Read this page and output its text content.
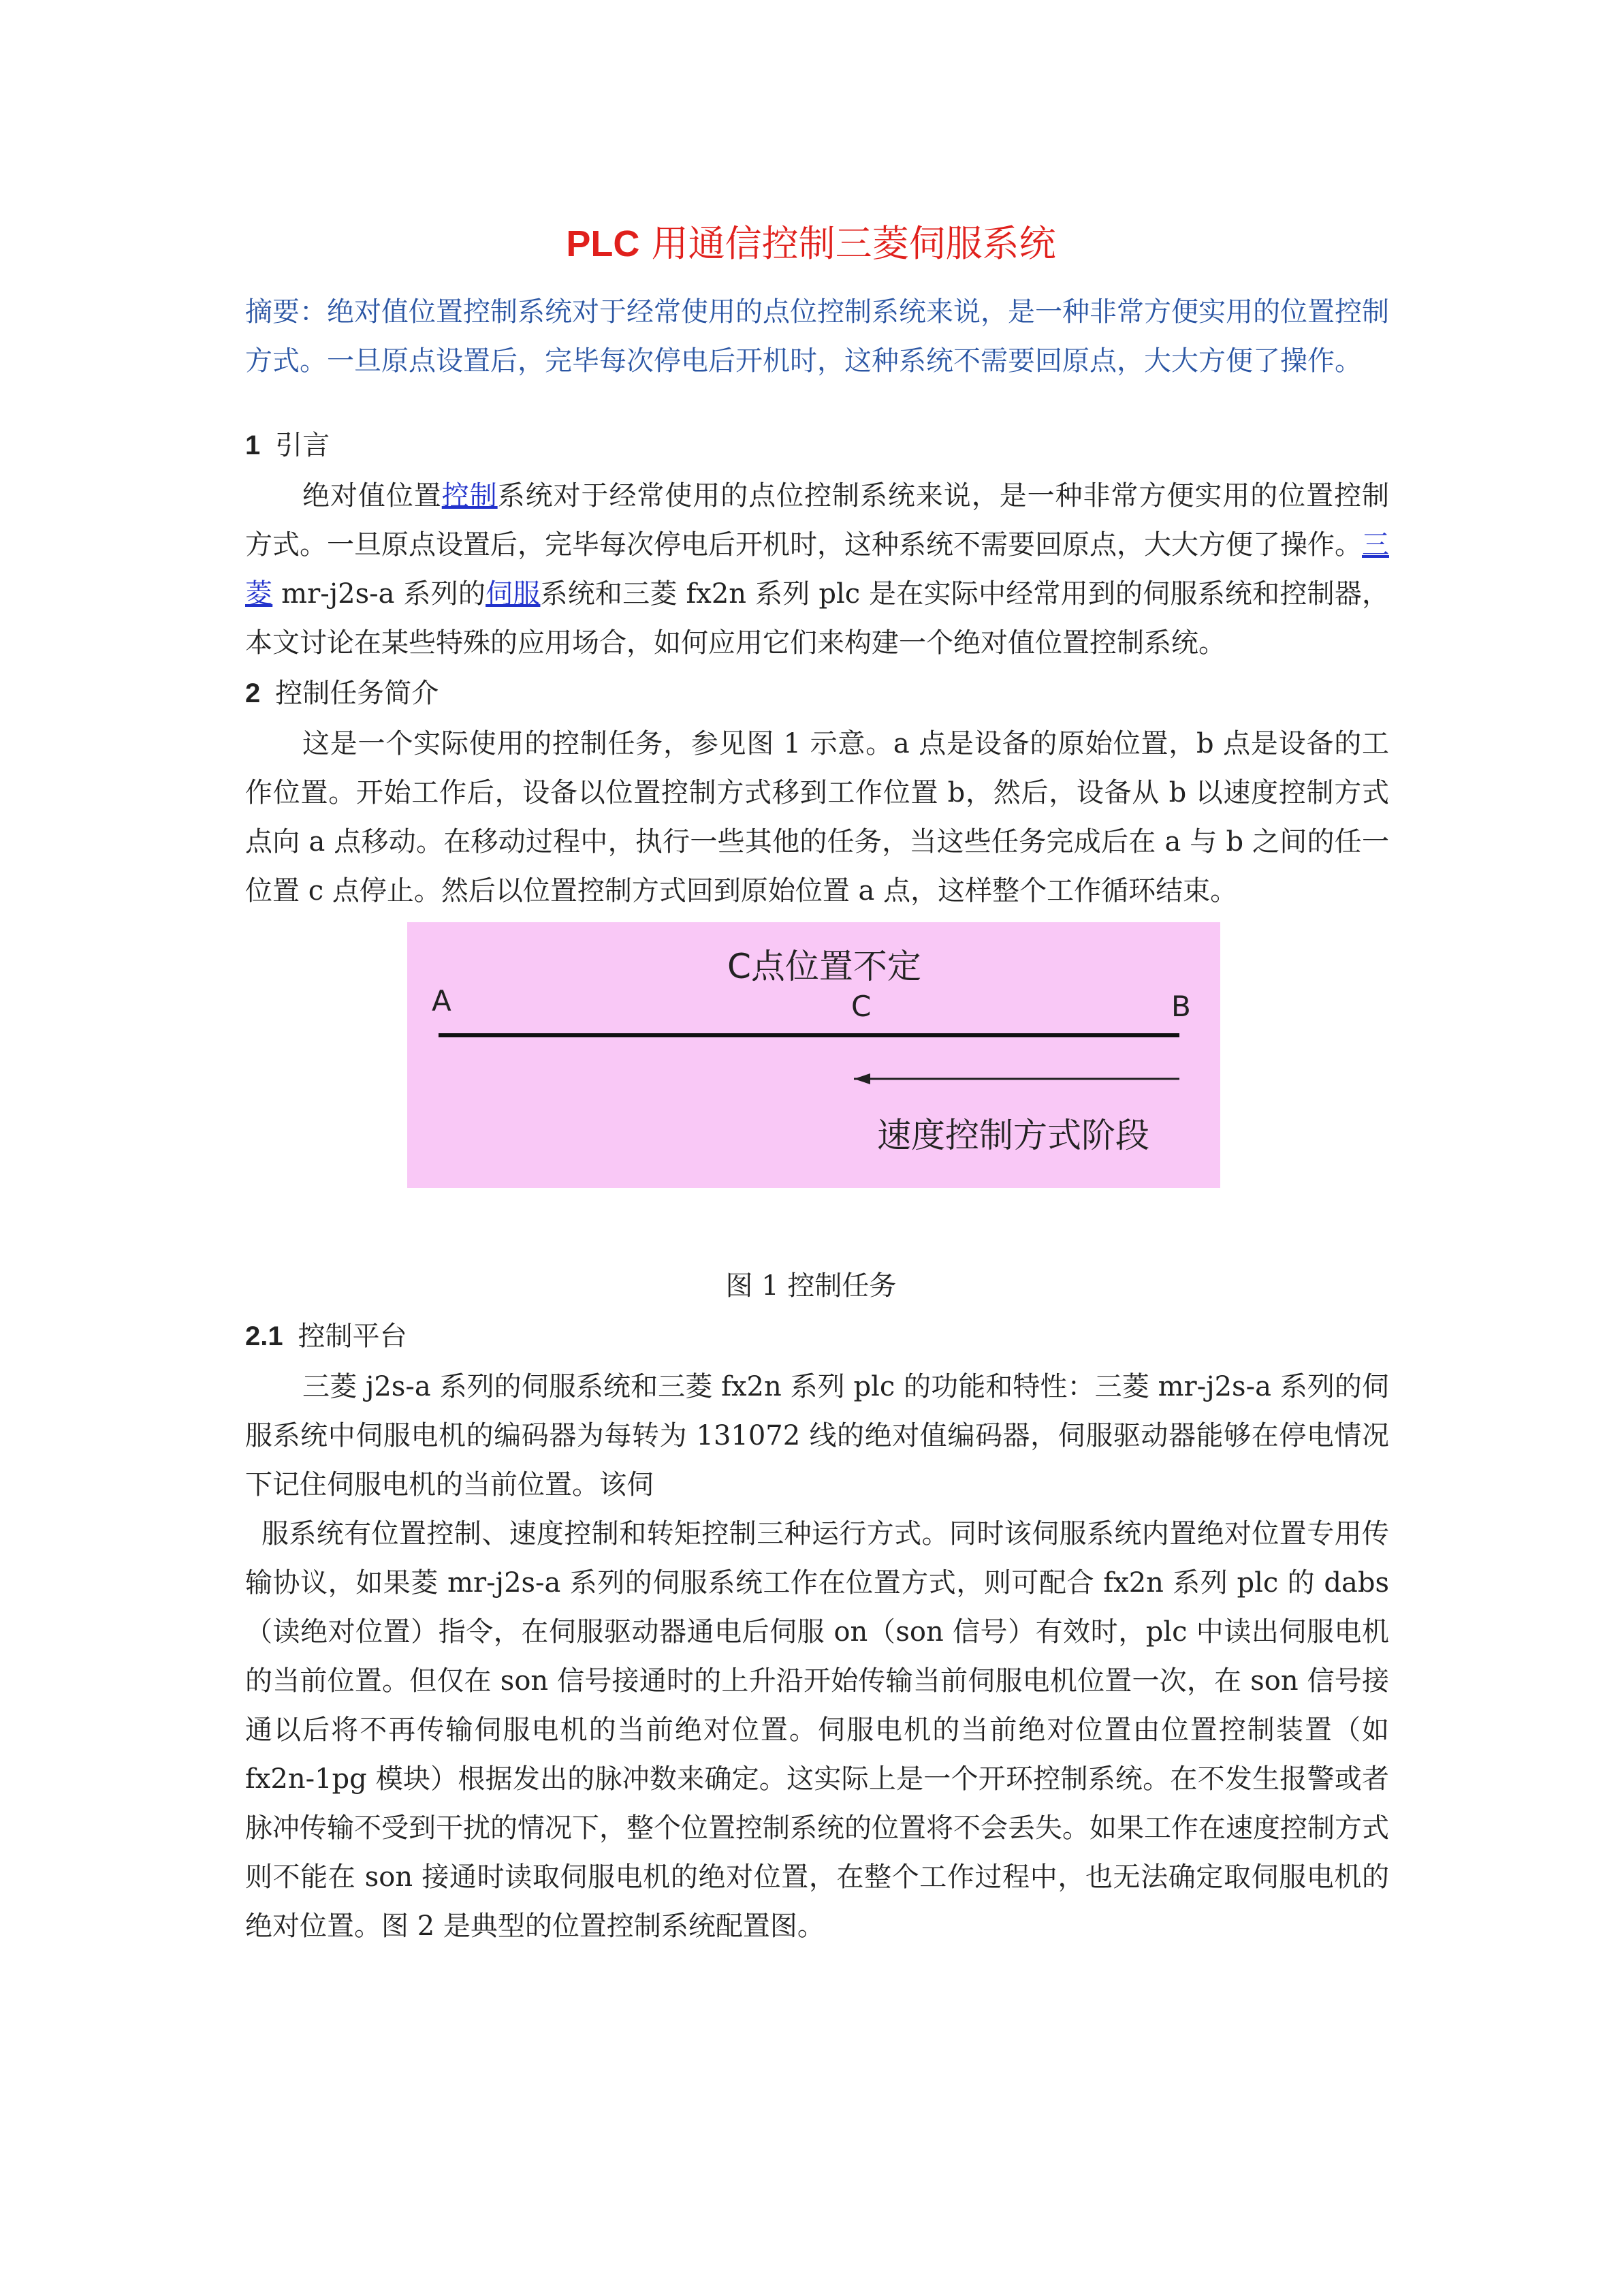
PLC 用通信控制三菱伺服系统
摘要：绝对值位置控制系统对于经常使用的点位控制系统来说，是一种非常方便实用的位置控制方式。一旦原点设置后，完毕每次停电后开机时，这种系统不需要回原点，大大方便了操作。
1 引言
绝对值位置控制系统对于经常使用的点位控制系统来说，是一种非常方便实用的位置控制方式。一旦原点设置后，完毕每次停电后开机时，这种系统不需要回原点，大大方便了操作。三菱 mr-j2s-a 系列的伺服系统和三菱 fx2n 系列 plc 是在实际中经常用到的伺服系统和控制器，本文讨论在某些特殊的应用场合，如何应用它们来构建一个绝对值位置控制系统。
2 控制任务简介
这是一个实际使用的控制任务，参见图 1 示意。a 点是设备的原始位置，b 点是设备的工作位置。开始工作后，设备以位置控制方式移到工作位置 b，然后，设备从 b 以速度控制方式点向 a 点移动。在移动过程中，执行一些其他的任务，当这些任务完成后在 a 与 b 之间的任一位置 c 点停止。然后以位置控制方式回到原始位置 a 点，这样整个工作循环结束。
C点位置不定
A	C	B
速度控制方式阶段
图 1 控制任务
2.1 控制平台
三菱 j2s-a 系列的伺服系统和三菱 fx2n 系列 plc 的功能和特性：三菱 mr-j2s-a 系列的伺服系统中伺服电机的编码器为每转为 131072 线的绝对值编码器，伺服驱动器能够在停电情况下记住伺服电机的当前位置。该伺
服系统有位置控制、速度控制和转矩控制三种运行方式。同时该伺服系统内置绝对位置专用传输协议，如果菱 mr-j2s-a 系列的伺服系统工作在位置方式，则可配合 fx2n 系列 plc 的 dabs（读绝对位置）指令，在伺服驱动器通电后伺服 on（son 信号）有效时，plc 中读出伺服电机的当前位置。但仅在 son 信号接通时的上升沿开始传输当前伺服电机位置一次，在 son 信号接通以后将不再传输伺服电机的当前绝对位置。伺服电机的当前绝对位置由位置控制装置（如 fx2n-1pg 模块）根据发出的脉冲数来确定。这实际上是一个开环控制系统。在不发生报警或者脉冲传输不受到干扰的情况下，整个位置控制系统的位置将不会丢失。如果工作在速度控制方式则不能在 son 接通时读取伺服电机的绝对位置，在整个工作过程中，也无法确定取伺服电机的绝对位置。图 2 是典型的位置控制系统配置图。
